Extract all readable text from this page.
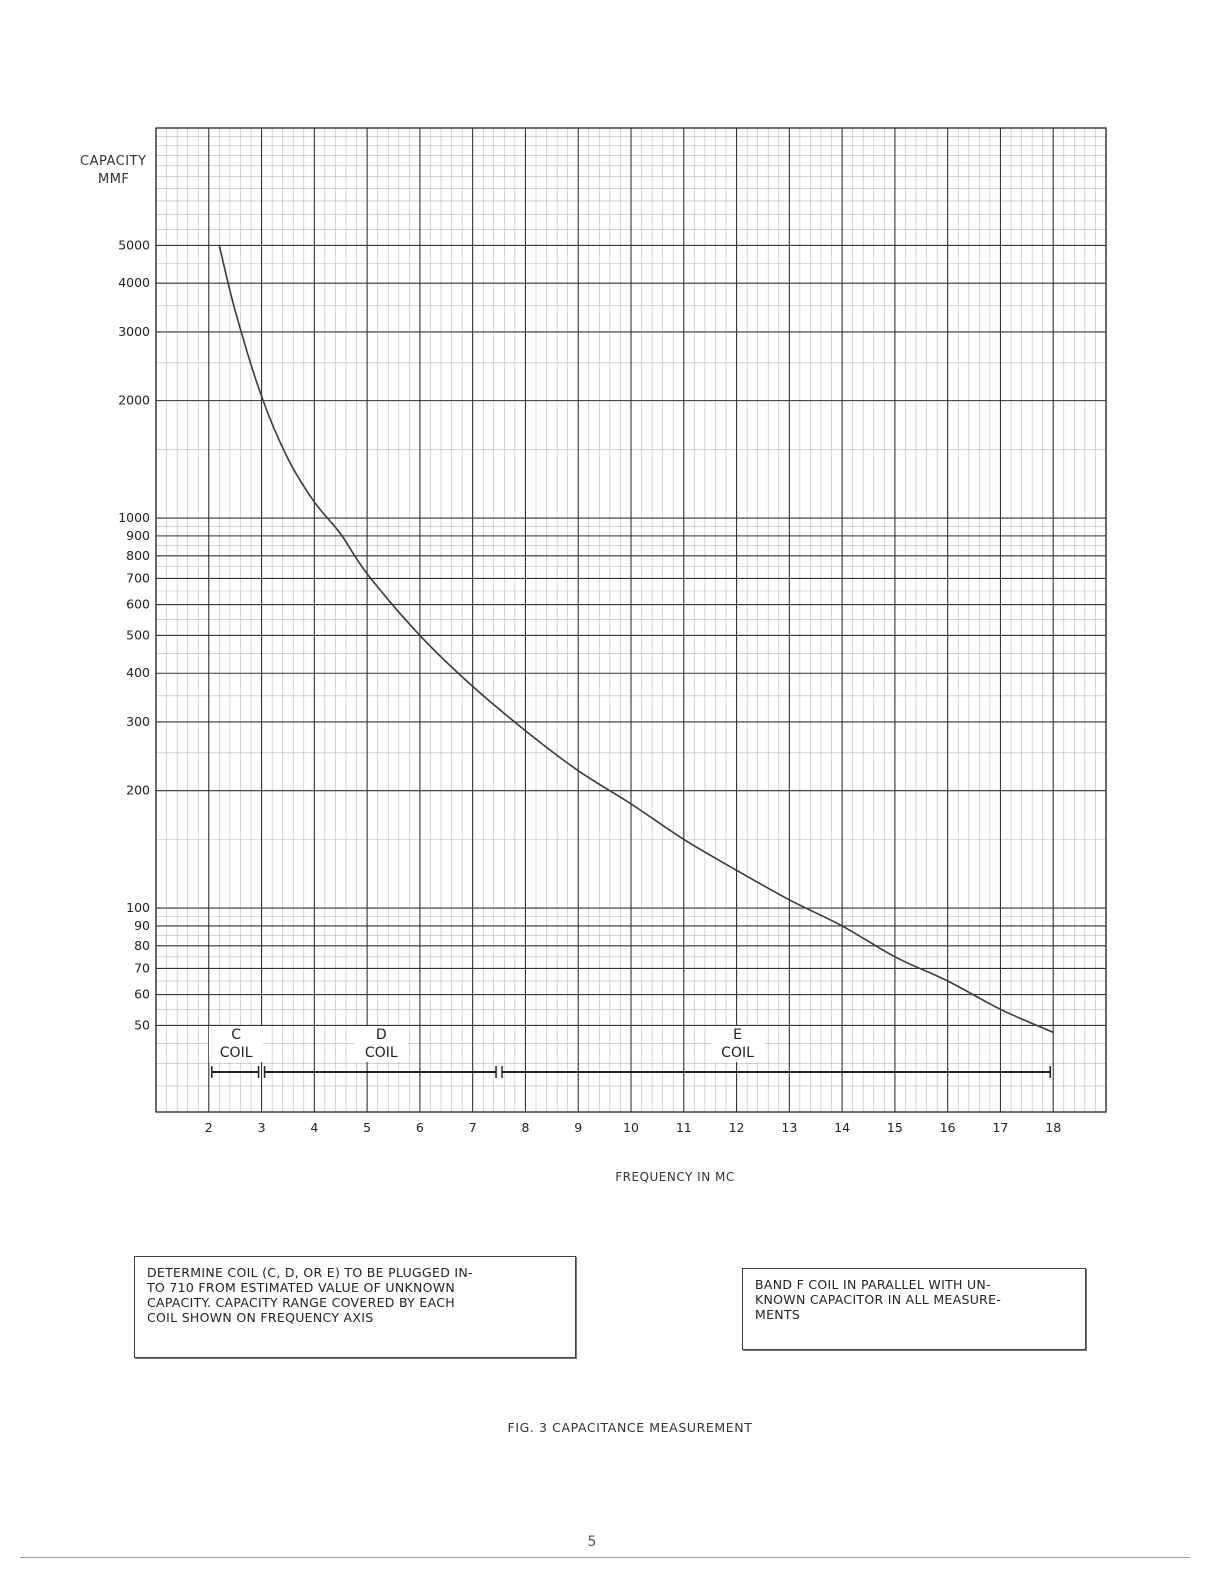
5000
4000
3000
2000
1000
900
800
700
600
500
400
300
200
100
90
80
70
60
50
2	3	4	5	6	7	8	9	10	11	12	13	14	15	16	17	18
CAPACITY
MMF
C
COIL
D
COIL
E
COIL
FREQUENCY IN MC
DETERMINE COIL (C, D, OR E) TO BE PLUGGED IN-
TO 710 FROM ESTIMATED VALUE OF UNKNOWN
CAPACITY. CAPACITY RANGE COVERED BY EACH
COIL SHOWN ON FREQUENCY AXIS
BAND F COIL IN PARALLEL WITH UN-
KNOWN CAPACITOR IN ALL MEASURE-
MENTS
FIG. 3 CAPACITANCE MEASUREMENT
5
